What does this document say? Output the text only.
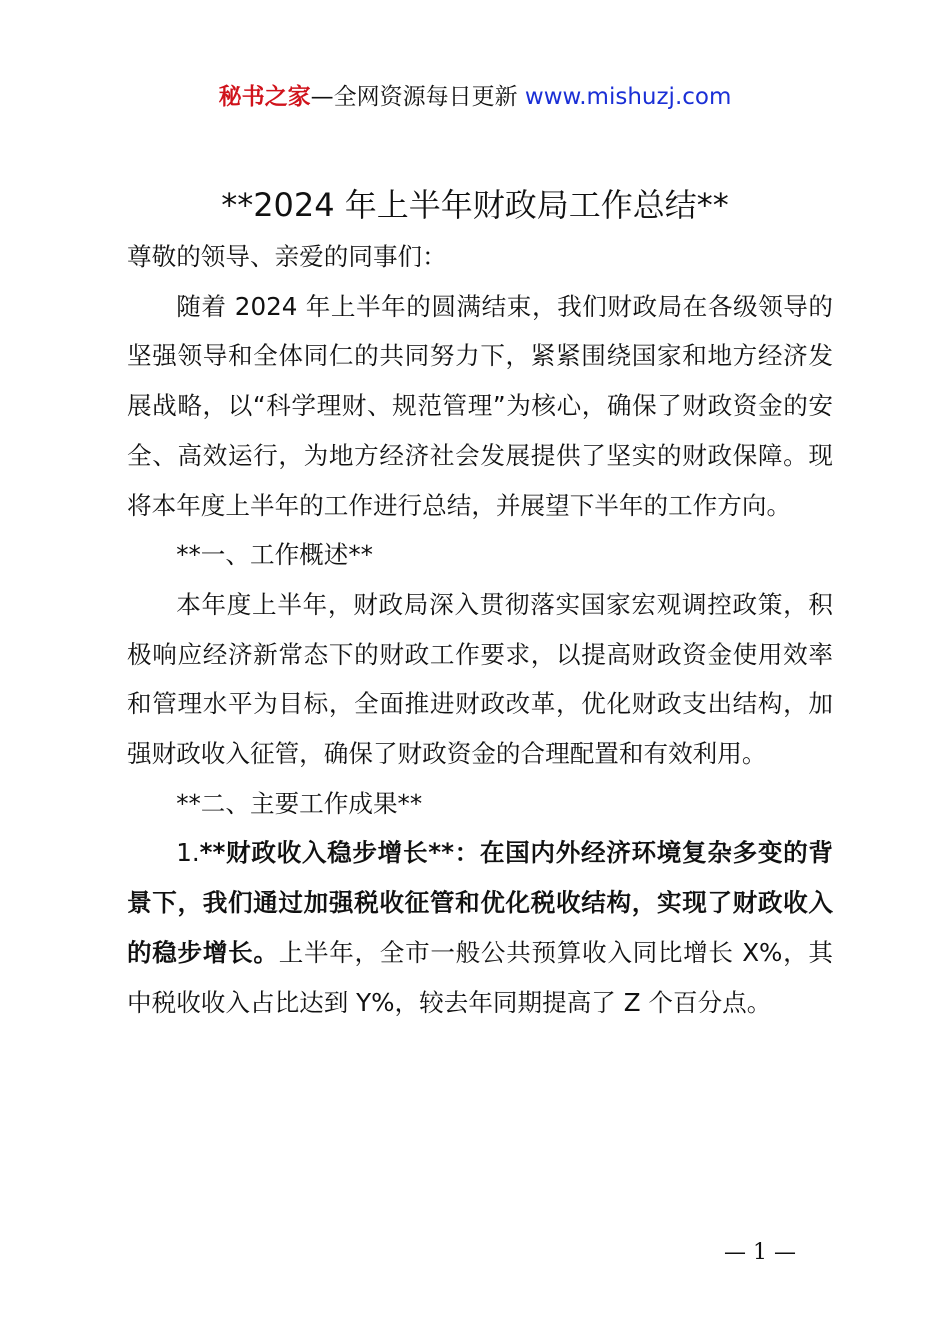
秘书之家—全网资源每日更新 www.mishuzj.com
**2024 年上半年财政局工作总结**

尊敬的领导、亲爱的同事们：

随着 2024 年上半年的圆满结束，我们财政局在各级领导的坚强领导和全体同仁的共同努力下，紧紧围绕国家和地方经济发展战略，以“科学理财、规范管理”为核心，确保了财政资金的安全、高效运行，为地方经济社会发展提供了坚实的财政保障。现将本年度上半年的工作进行总结，并展望下半年的工作方向。

**一、工作概述**

本年度上半年，财政局深入贯彻落实国家宏观调控政策，积极响应经济新常态下的财政工作要求，以提高财政资金使用效率和管理水平为目标，全面推进财政改革，优化财政支出结构，加强财政收入征管，确保了财政资金的合理配置和有效利用。

**二、主要工作成果**

1.**财政收入稳步增长**：在国内外经济环境复杂多变的背景下，我们通过加强税收征管和优化税收结构，实现了财政收入的稳步增长。上半年，全市一般公共预算收入同比增长 X%，其中税收收入占比达到 Y%，较去年同期提高了 Z 个百分点。

— 1 —
